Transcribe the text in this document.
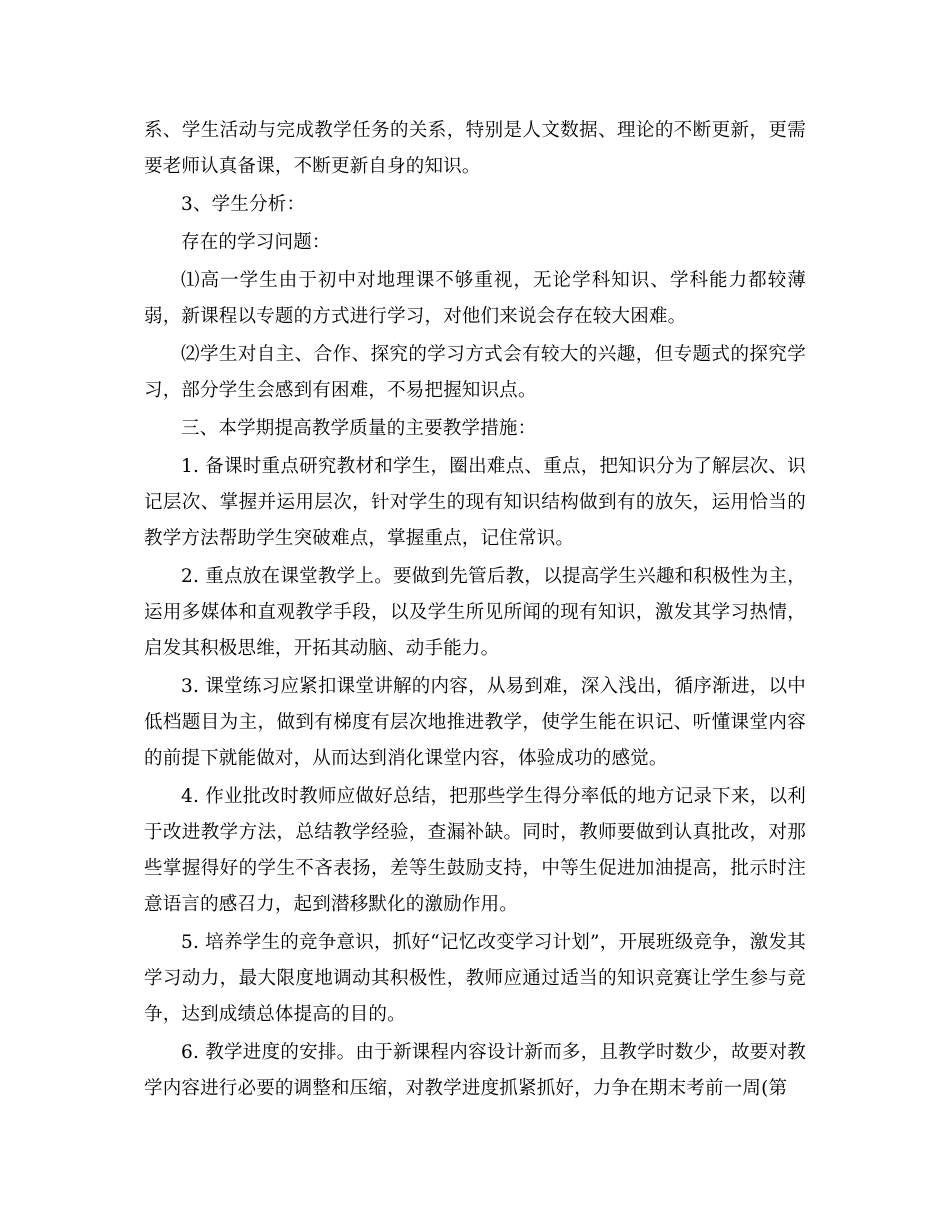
系、学生活动与完成教学任务的关系，特别是人文数据、理论的不断更新，更需要老师认真备课，不断更新自身的知识。

3、学生分析：

存在的学习问题：

⑴高一学生由于初中对地理课不够重视，无论学科知识、学科能力都较薄弱，新课程以专题的方式进行学习，对他们来说会存在较大困难。

⑵学生对自主、合作、探究的学习方式会有较大的兴趣，但专题式的探究学习，部分学生会感到有困难，不易把握知识点。

三、本学期提高教学质量的主要教学措施：

1. 备课时重点研究教材和学生，圈出难点、重点，把知识分为了解层次、识记层次、掌握并运用层次，针对学生的现有知识结构做到有的放矢，运用恰当的教学方法帮助学生突破难点，掌握重点，记住常识。

2. 重点放在课堂教学上。要做到先管后教，以提高学生兴趣和积极性为主，运用多媒体和直观教学手段，以及学生所见所闻的现有知识，激发其学习热情，启发其积极思维，开拓其动脑、动手能力。

3. 课堂练习应紧扣课堂讲解的内容，从易到难，深入浅出，循序渐进，以中低档题目为主，做到有梯度有层次地推进教学，使学生能在识记、听懂课堂内容的前提下就能做对，从而达到消化课堂内容，体验成功的感觉。

4. 作业批改时教师应做好总结，把那些学生得分率低的地方记录下来，以利于改进教学方法，总结教学经验，查漏补缺。同时，教师要做到认真批改，对那些掌握得好的学生不吝表扬，差等生鼓励支持，中等生促进加油提高，批示时注意语言的感召力，起到潜移默化的激励作用。

5. 培养学生的竞争意识，抓好“记忆改变学习计划”，开展班级竞争，激发其学习动力，最大限度地调动其积极性，教师应通过适当的知识竞赛让学生参与竞争，达到成绩总体提高的目的。

6. 教学进度的安排。由于新课程内容设计新而多，且教学时数少，故要对教学内容进行必要的调整和压缩，对教学进度抓紧抓好，力争在期末考前一周(第
